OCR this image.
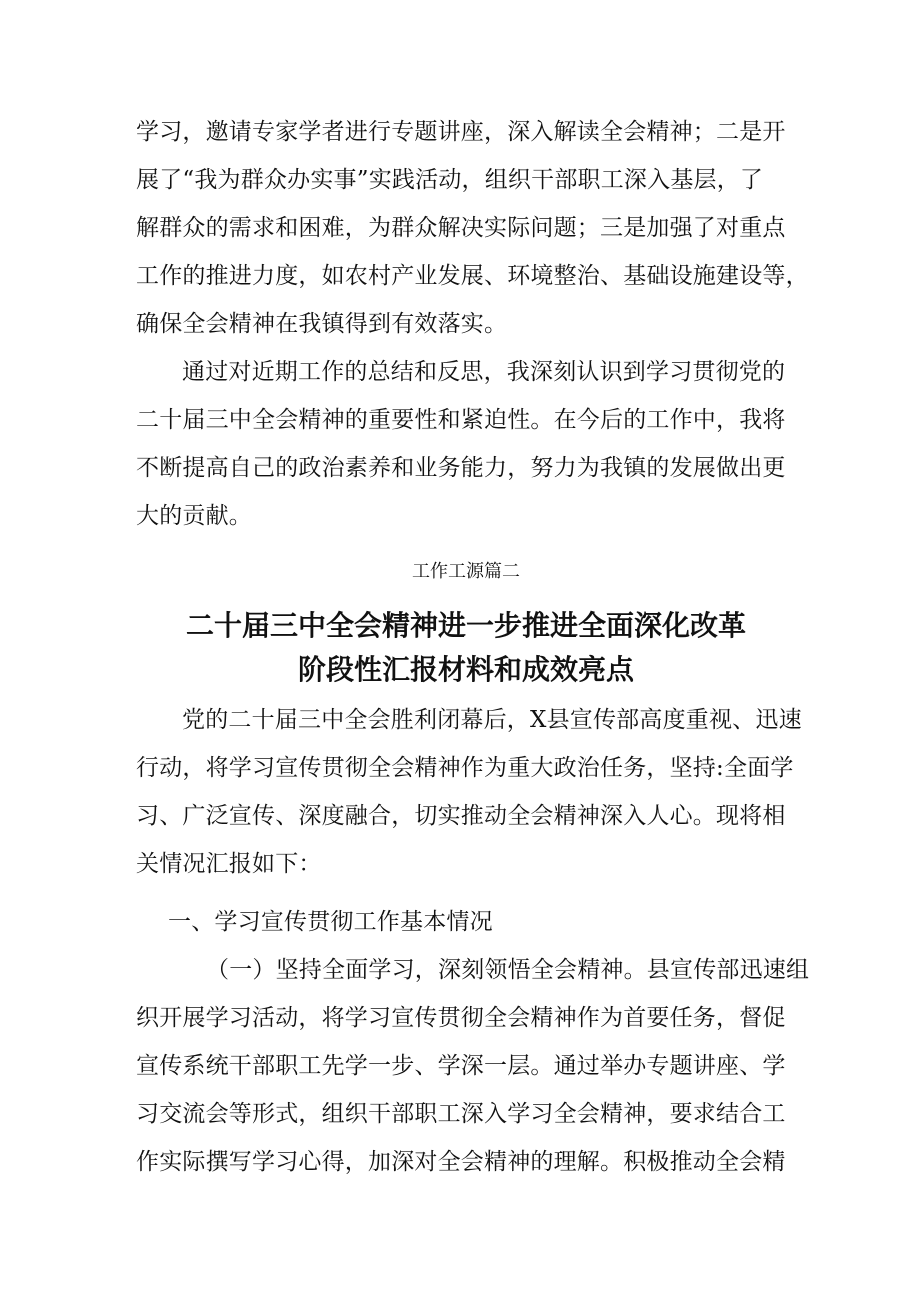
学习，邀请专家学者进行专题讲座，深入解读全会精神；二是开
展了“我为群众办实事”实践活动，组织干部职工深入基层，了
解群众的需求和困难，为群众解决实际问题；三是加强了对重点
工作的推进力度，如农村产业发展、环境整治、基础设施建设等，
确保全会精神在我镇得到有效落实。
通过对近期工作的总结和反思，我深刻认识到学习贯彻党的
二十届三中全会精神的重要性和紧迫性。在今后的工作中，我将
不断提高自己的政治素养和业务能力，努力为我镇的发展做出更
大的贡献。
工作工源篇二
二十届三中全会精神进一步推进全面深化改革
阶段性汇报材料和成效亮点
党的二十届三中全会胜利闭幕后，X县宣传部高度重视、迅速
行动，将学习宣传贯彻全会精神作为重大政治任务，坚持:全面学
习、广泛宣传、深度融合，切实推动全会精神深入人心。现将相
关情况汇报如下：
一、学习宣传贯彻工作基本情况
（一）坚持全面学习，深刻领悟全会精神。县宣传部迅速组
织开展学习活动，将学习宣传贯彻全会精神作为首要任务，督促
宣传系统干部职工先学一步、学深一层。通过举办专题讲座、学
习交流会等形式，组织干部职工深入学习全会精神，要求结合工
作实际撰写学习心得，加深对全会精神的理解。积极推动全会精
